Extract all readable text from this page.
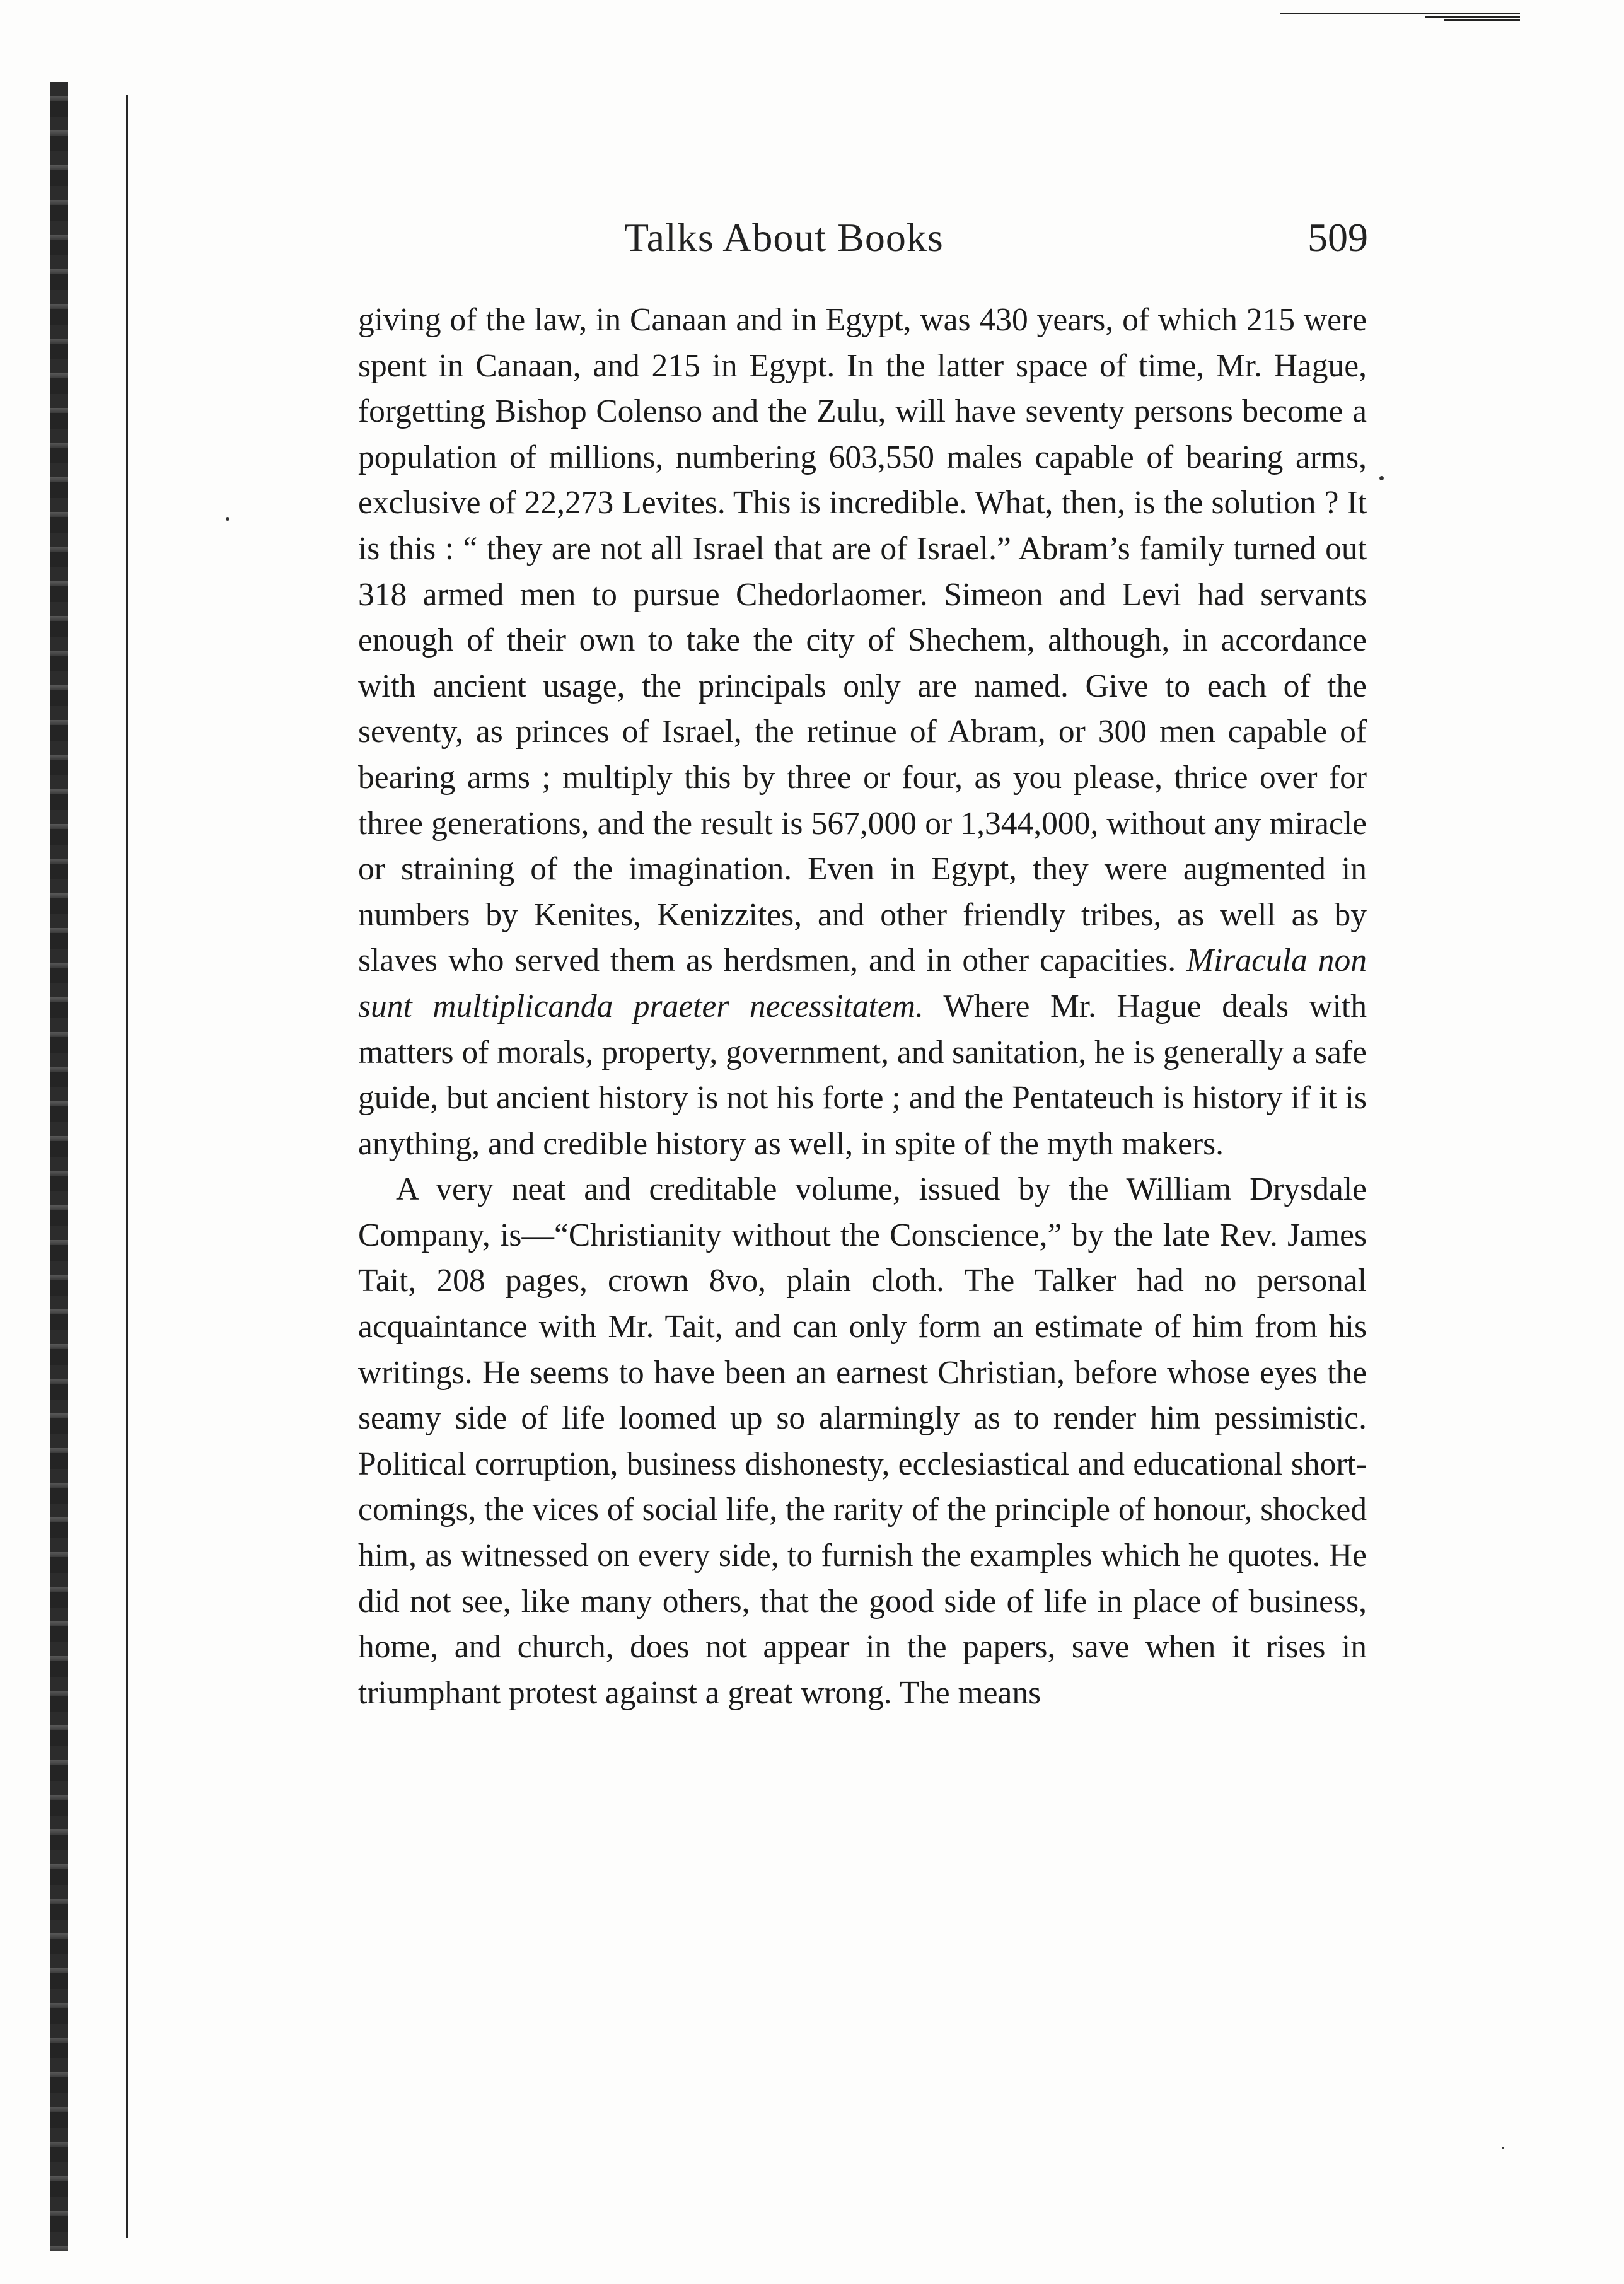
Talks About Books	509

giving of the law, in Canaan and in Egypt, was 430 years, of which 215 were spent in Canaan, and 215 in Egypt. In the latter space of time, Mr. Hague, forgetting Bishop Colenso and the Zulu, will have seventy persons become a population of millions, numbering 603,550 males capable of bearing arms, exclusive of 22,273 Levites. This is incredible. What, then, is the solution ? It is this : “ they are not all Israel that are of Israel.” Abram’s family turned out 318 armed men to pursue Chedorlaomer. Simeon and Levi had servants enough of their own to take the city of Shechem, although, in accordance with ancient usage, the principals only are named. Give to each of the seventy, as princes of Israel, the retinue of Abram, or 300 men capable of bearing arms ; multiply this by three or four, as you please, thrice over for three generations, and the result is 567,000 or 1,344,000, without any miracle or straining of the imagination. Even in Egypt, they were augmented in numbers by Kenites, Kenizzites, and other friendly tribes, as well as by slaves who served them as herdsmen, and in other capacities. Miracula non sunt multiplicanda praeter necessitatem. Where Mr. Hague deals with matters of morals, property, government, and sanitation, he is generally a safe guide, but ancient history is not his forte ; and the Pentateuch is history if it is anything, and credible history as well, in spite of the myth makers.

A very neat and creditable volume, issued by the William Drysdale Company, is—“Christianity without the Conscience,” by the late Rev. James Tait, 208 pages, crown 8vo, plain cloth. The Talker had no personal acquaintance with Mr. Tait, and can only form an estimate of him from his writings. He seems to have been an earnest Christian, before whose eyes the seamy side of life loomed up so alarmingly as to render him pessimistic. Political corruption, business dishonesty, ecclesiastical and educational short-comings, the vices of social life, the rarity of the principle of honour, shocked him, as witnessed on every side, to furnish the examples which he quotes. He did not see, like many others, that the good side of life in place of business, home, and church, does not appear in the papers, save when it rises in triumphant protest against a great wrong. The means
